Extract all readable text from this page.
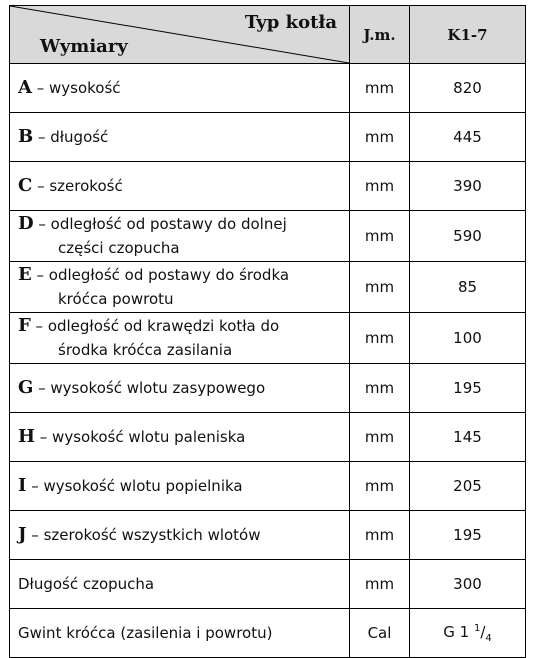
Typ kotła
Wymiary	J.m.	K1-7
A – wysokość	mm	820
B – długość	mm	445
C – szerokość	mm	390
D – odległość od postawy do dolnej
części czopucha	mm	590
E – odległość od postawy do środka
króćca powrotu	mm	85
F – odległość od krawędzi kotła do
środka króćca zasilania	mm	100
G – wysokość wlotu zasypowego	mm	195
H – wysokość wlotu paleniska	mm	145
I – wysokość wlotu popielnika	mm	205
J – szerokość wszystkich wlotów	mm	195
Długość czopucha	mm	300
Gwint króćca (zasilenia i powrotu)	Cal	G 1 $^1/_4$
